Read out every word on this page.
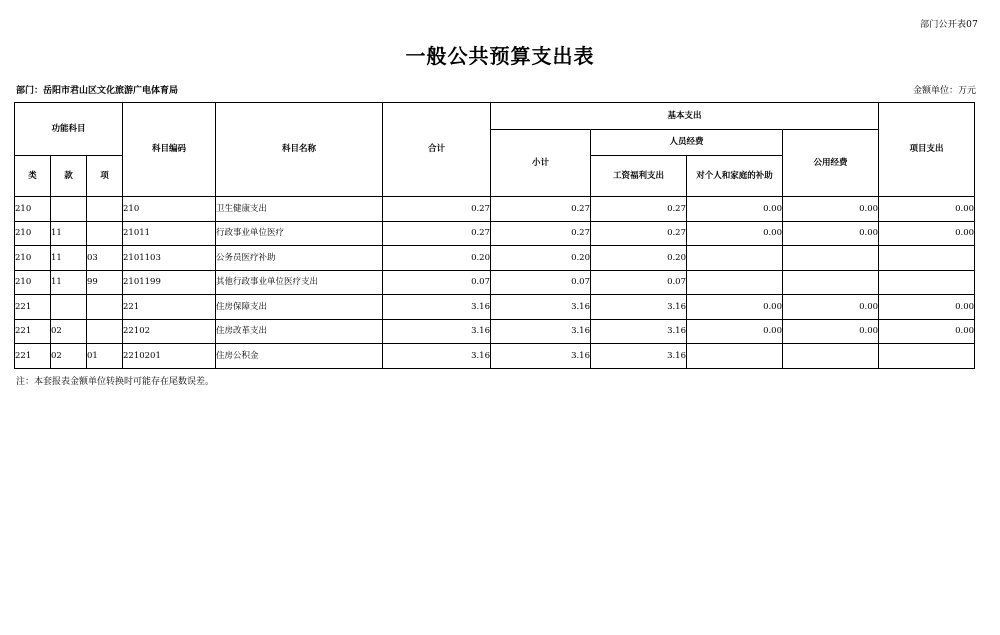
部门公开表07
一般公共预算支出表
部门：岳阳市君山区文化旅游广电体育局	金额单位：万元
功能科目			科目编码	科目名称	合计	基本支出				项目支出
						小计	人员经费		公用经费	
类	款	项					工资福利支出	对个人和家庭的补助		
210			210	卫生健康支出	0.27	0.27	0.27	0.00	0.00	0.00
210	11		21011	行政事业单位医疗	0.27	0.27	0.27	0.00	0.00	0.00
210	11	03	2101103	公务员医疗补助	0.20	0.20	0.20			
210	11	99	2101199	其他行政事业单位医疗支出	0.07	0.07	0.07			
221			221	住房保障支出	3.16	3.16	3.16	0.00	0.00	0.00
221	02		22102	住房改革支出	3.16	3.16	3.16	0.00	0.00	0.00
221	02	01	2210201	住房公积金	3.16	3.16	3.16			
注：本套报表金额单位转换时可能存在尾数误差。
